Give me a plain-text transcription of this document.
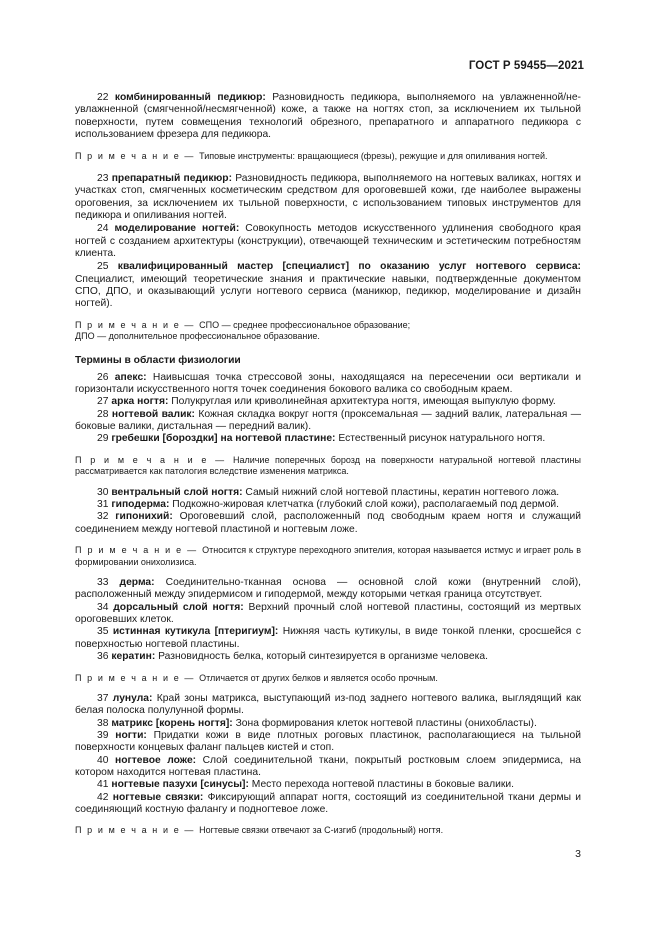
ГОСТ Р 59455—2021

22 комбинированный педикюр: Разновидность педикюра, выполняемого на увлажненной/не-увлажненной (смягченной/несмягченной) коже, а также на ногтях стоп, за исключением их тыльной поверхности, путем совмещения технологий обрезного, препаратного и аппаратного педикюра с использованием фрезера для педикюра.

П р и м е ч а н и е — Типовые инструменты: вращающиеся (фрезы), режущие и для опиливания ногтей.

23 препаратный педикюр: Разновидность педикюра, выполняемого на ногтевых валиках, ногтях и участках стоп, смягченных косметическим средством для ороговевшей кожи, где наиболее выражены ороговения, за исключением их тыльной поверхности, с использованием типовых инструментов для педикюра и опиливания ногтей.

24 моделирование ногтей: Совокупность методов искусственного удлинения свободного края ногтей с созданием архитектуры (конструкции), отвечающей техническим и эстетическим потребностям клиента.

25 квалифицированный мастер [специалист] по оказанию услуг ногтевого сервиса: Специалист, имеющий теоретические знания и практические навыки, подтвержденные документом СПО, ДПО, и оказывающий услуги ногтевого сервиса (маникюр, педикюр, моделирование и дизайн ногтей).

П р и м е ч а н и е — СПО — среднее профессиональное образование;

ДПО — дополнительное профессиональное образование.

Термины в области физиологии

26 апекс: Наивысшая точка стрессовой зоны, находящаяся на пересечении оси вертикали и горизонтали искусственного ногтя точек соединения бокового валика со свободным краем.

27 арка ногтя: Полукруглая или криволинейная архитектура ногтя, имеющая выпуклую форму.

28 ногтевой валик: Кожная складка вокруг ногтя (проксемальная — задний валик, латеральная — боковые валики, дистальная — передний валик).

29 гребешки [бороздки] на ногтевой пластине: Естественный рисунок натурального ногтя.

П р и м е ч а н и е — Наличие поперечных борозд на поверхности натуральной ногтевой пластины рассматривается как патология вследствие изменения матрикса.

30 вентральный слой ногтя: Самый нижний слой ногтевой пластины, кератин ногтевого ложа.

31 гиподерма: Подкожно-жировая клетчатка (глубокий слой кожи), располагаемый под дермой.

32 гипонихий: Ороговевший слой, расположенный под свободным краем ногтя и служащий соединением между ногтевой пластиной и ногтевым ложе.

П р и м е ч а н и е — Относится к структуре переходного эпителия, которая называется истмус и играет роль в формировании онихолизиса.

33 дерма: Соединительно-тканная основа — основной слой кожи (внутренний слой), расположенный между эпидермисом и гиподермой, между которыми четкая граница отсутствует.

34 дорсальный слой ногтя: Верхний прочный слой ногтевой пластины, состоящий из мертвых ороговевших клеток.

35 истинная кутикула [птеригиум]: Нижняя часть кутикулы, в виде тонкой пленки, сросшейся с поверхностью ногтевой пластины.

36 кератин: Разновидность белка, который синтезируется в организме человека.

П р и м е ч а н и е — Отличается от других белков и является особо прочным.

37 лунула: Край зоны матрикса, выступающий из-под заднего ногтевого валика, выглядящий как белая полоска полулунной формы.

38 матрикс [корень ногтя]: Зона формирования клеток ногтевой пластины (онихобласты).

39 ногти: Придатки кожи в виде плотных роговых пластинок, располагающиеся на тыльной поверхности концевых фаланг пальцев кистей и стоп.

40 ногтевое ложе: Слой соединительной ткани, покрытый ростковым слоем эпидермиса, на котором находится ногтевая пластина.

41 ногтевые пазухи [синусы]: Место перехода ногтевой пластины в боковые валики.

42 ногтевые связки: Фиксирующий аппарат ногтя, состоящий из соединительной ткани дермы и соединяющий костную фалангу и подногтевое ложе.

П р и м е ч а н и е — Ногтевые связки отвечают за С-изгиб (продольный) ногтя.

3
